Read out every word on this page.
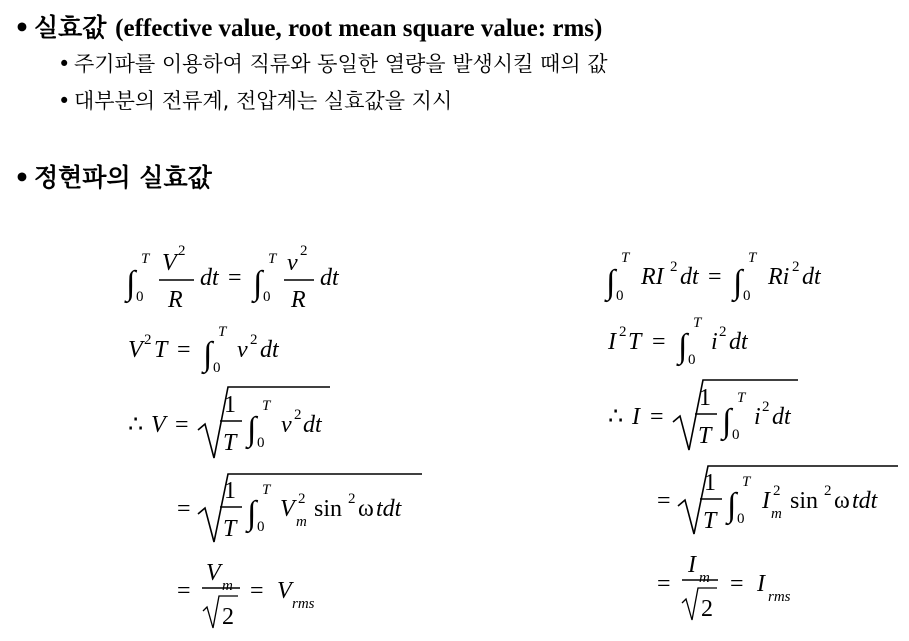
• 실효값 (effective value, root mean square value: rms)
• 주기파를 이용하여 직류와 동일한 열량을 발생시킬 때의 값
• 대부분의 전류계, 전압계는 실효값을 지시
• 정현파의 실효값
∫
T
0
V 2
R
dt = ∫
T
0
v 2
R
dt
V 2 T = ∫
T
0
v 2 dt
∴ V =
1
T ∫
T
0
v 2 dt
=
1
T ∫
T
0
V 2
m sin 2 ω tdt
=
V m
2
= V rms
∫
T
0
RI 2 dt = ∫
T
0
Ri 2 dt
I 2 T = ∫
T
0
i 2 dt
∴ I =
1
T ∫
T
0
i 2 dt
=
1
T ∫
T
0
I 2
m sin 2 ω tdt
=
I m
2
= I rms
